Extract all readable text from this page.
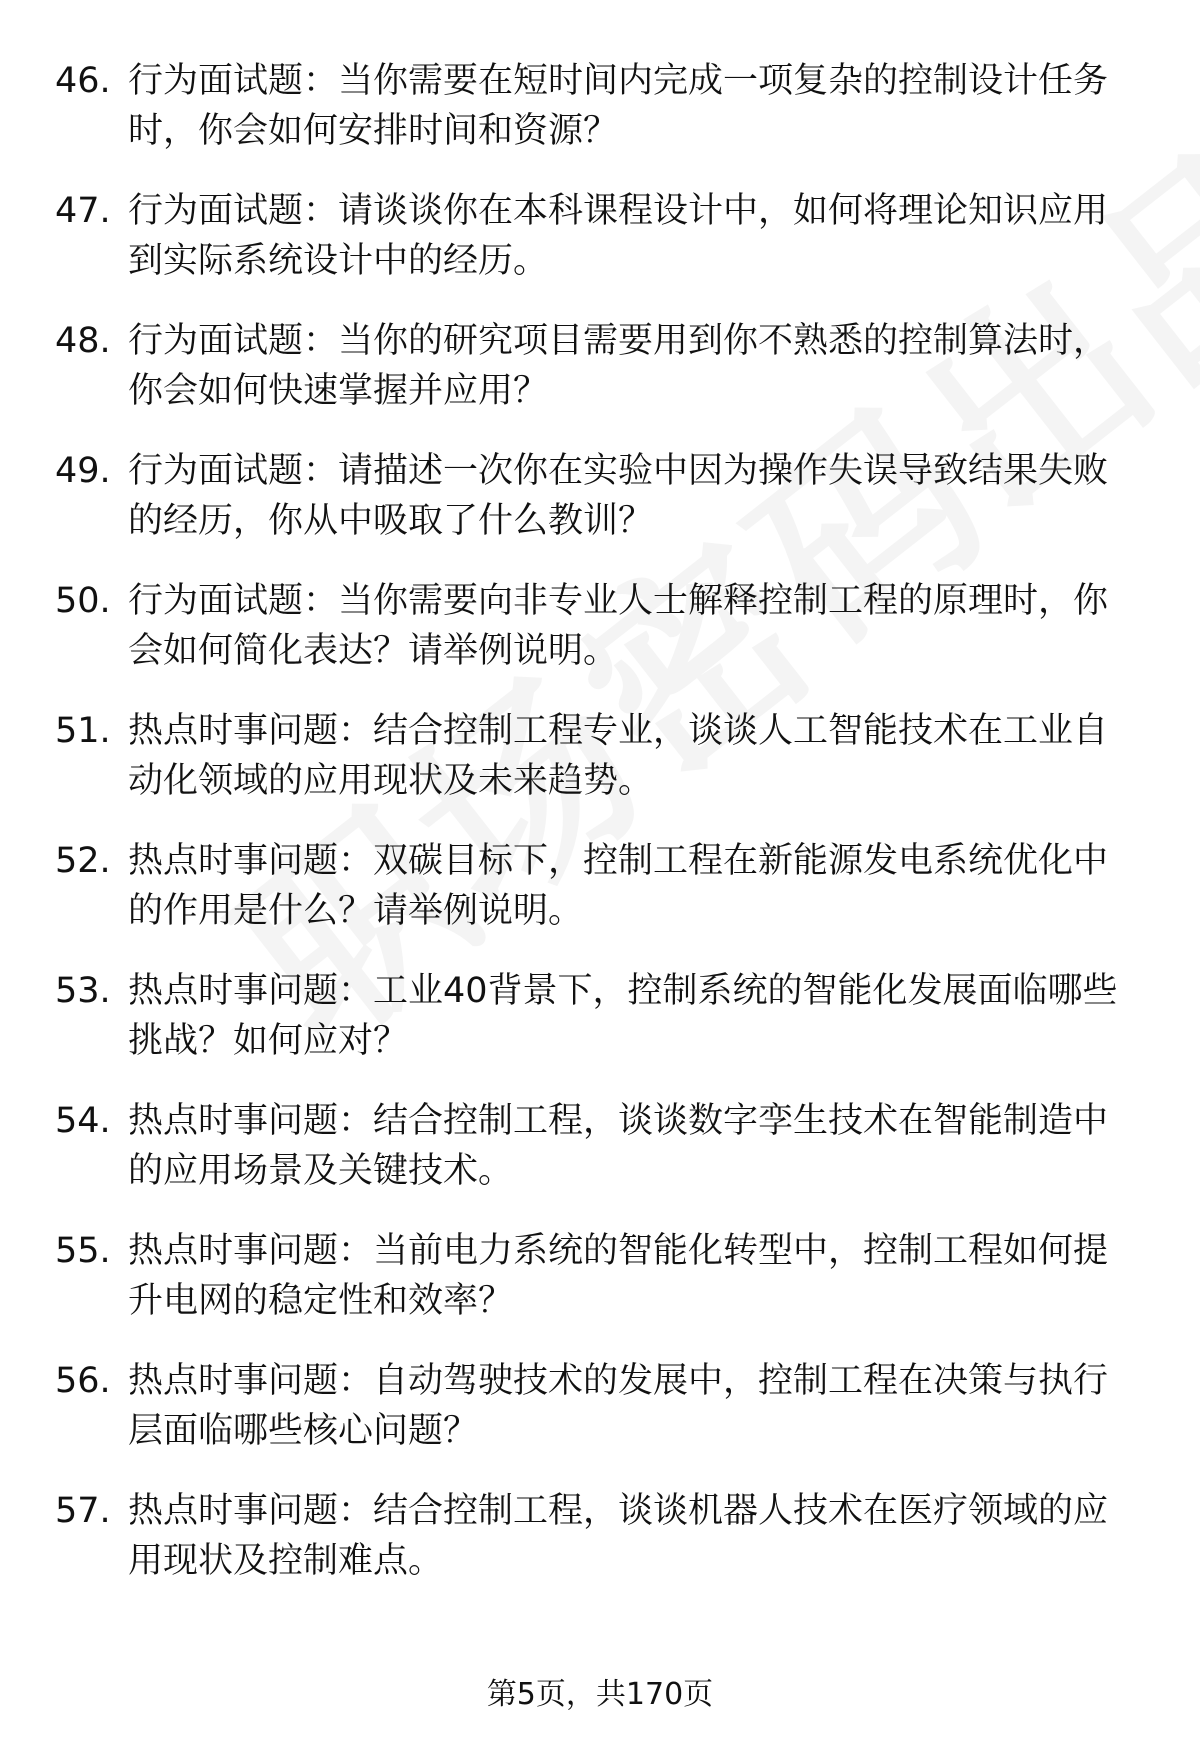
46. 行为面试题：当你需要在短时间内完成一项复杂的控制设计任务时，你会如何安排时间和资源？
47. 行为面试题：请谈谈你在本科课程设计中，如何将理论知识应用到实际系统设计中的经历。
48. 行为面试题：当你的研究项目需要用到你不熟悉的控制算法时，你会如何快速掌握并应用？
49. 行为面试题：请描述一次你在实验中因为操作失误导致结果失败的经历，你从中吸取了什么教训？
50. 行为面试题：当你需要向非专业人士解释控制工程的原理时，你会如何简化表达？请举例说明。
51. 热点时事问题：结合控制工程专业，谈谈人工智能技术在工业自动化领域的应用现状及未来趋势。
52. 热点时事问题：双碳目标下，控制工程在新能源发电系统优化中的作用是什么？请举例说明。
53. 热点时事问题：工业40背景下，控制系统的智能化发展面临哪些挑战？如何应对？
54. 热点时事问题：结合控制工程，谈谈数字孪生技术在智能制造中的应用场景及关键技术。
55. 热点时事问题：当前电力系统的智能化转型中，控制工程如何提升电网的稳定性和效率？
56. 热点时事问题：自动驾驶技术的发展中，控制工程在决策与执行层面临哪些核心问题？
57. 热点时事问题：结合控制工程，谈谈机器人技术在医疗领域的应用现状及控制难点。
第5页，共170页
